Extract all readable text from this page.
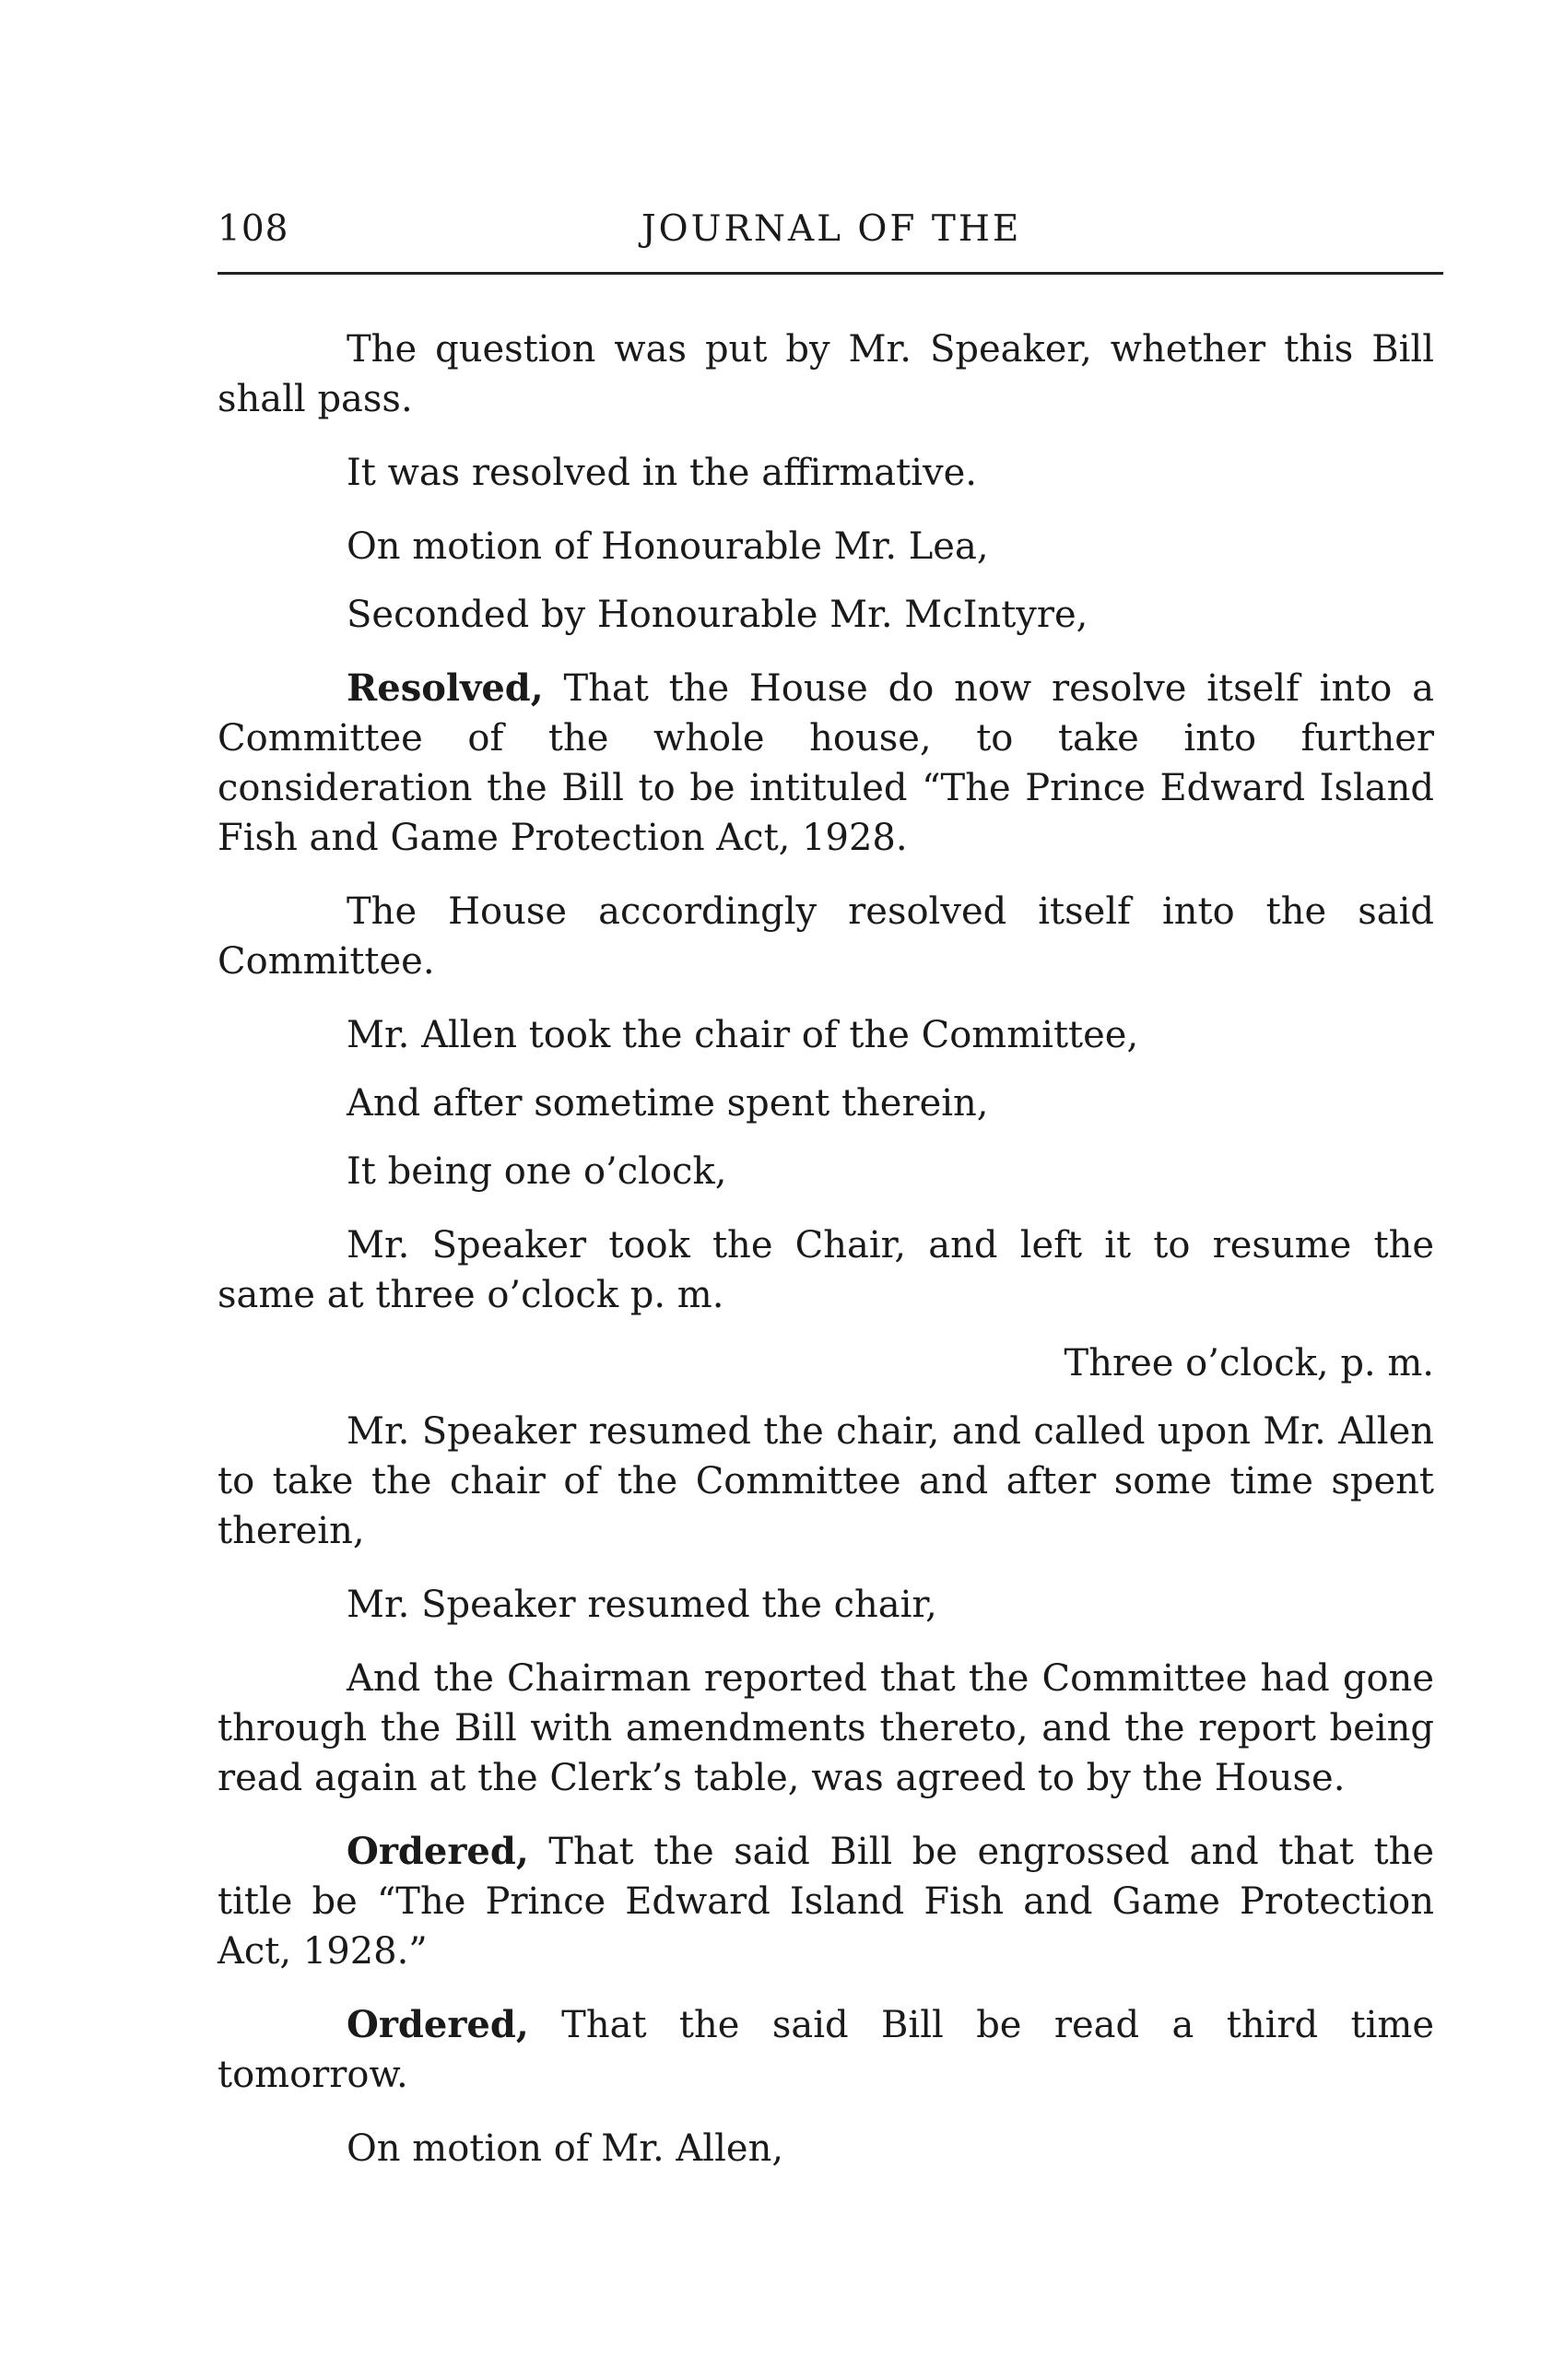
108	JOURNAL OF THE

The question was put by Mr. Speaker, whether this Bill shall pass.

It was resolved in the affirmative.

On motion of Honourable Mr. Lea,

Seconded by Honourable Mr. McIntyre,

Resolved, That the House do now resolve itself into a Committee of the whole house, to take into further consideration the Bill to be intituled “The Prince Edward Island Fish and Game Protection Act, 1928.

The House accordingly resolved itself into the said Committee.

Mr. Allen took the chair of the Committee,

And after sometime spent therein,

It being one o’clock,

Mr. Speaker took the Chair, and left it to resume the same at three o’clock p. m.

Three o’clock, p. m.

Mr. Speaker resumed the chair, and called upon Mr. Allen to take the chair of the Committee and after some time spent therein,

Mr. Speaker resumed the chair,

And the Chairman reported that the Committee had gone through the Bill with amendments thereto, and the report being read again at the Clerk’s table, was agreed to by the House.

Ordered, That the said Bill be engrossed and that the title be “The Prince Edward Island Fish and Game Protection Act, 1928.”

Ordered, That the said Bill be read a third time tomorrow.

On motion of Mr. Allen,
